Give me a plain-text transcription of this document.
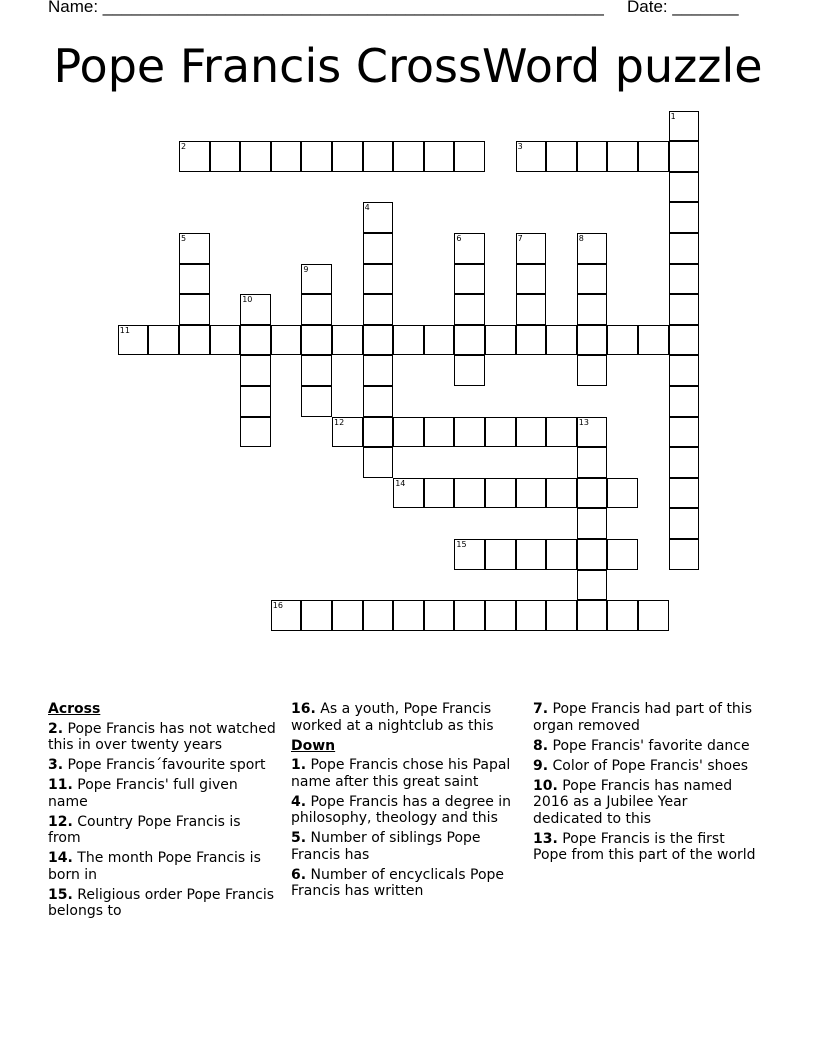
Name: _____________________________________________________ Date: _______
Pope Francis CrossWord puzzle
1
2	3
4
5	6	7	8
9
10
11
12	13
14
15
16
Across
2. Pope Francis has not watched this in over twenty years
3. Pope Francis´favourite sport
11. Pope Francis' full given name
12. Country Pope Francis is from
14. The month Pope Francis is born in
15. Religious order Pope Francis belongs to
16. As a youth, Pope Francis worked at a nightclub as this
Down
1. Pope Francis chose his Papal name after this great saint
4. Pope Francis has a degree in philosophy, theology and this
5. Number of siblings Pope Francis has
6. Number of encyclicals Pope Francis has written
7. Pope Francis had part of this organ removed
8. Pope Francis' favorite dance
9. Color of Pope Francis' shoes
10. Pope Francis has named 2016 as a Jubilee Year dedicated to this
13. Pope Francis is the first Pope from this part of the world
